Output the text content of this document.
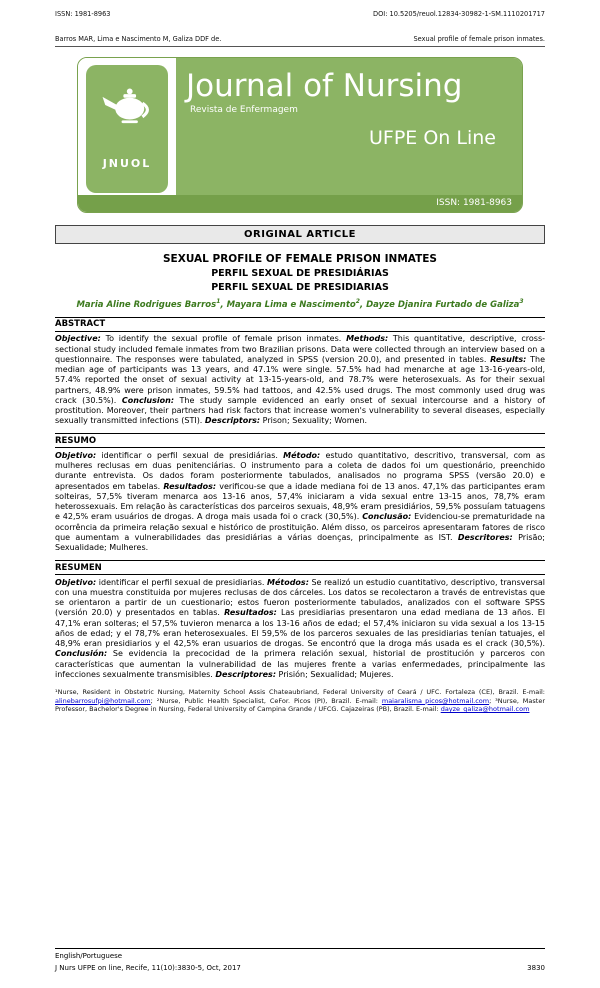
ISSN: 1981-8963	DOI: 10.5205/reuol.12834-30982-1-SM.1110201717
Barros MAR, Lima e Nascimento M, Galiza DDF de.	Sexual profile of female prison inmates.
JNUOL
Journal of Nursing
Revista de Enfermagem
UFPE On Line
ISSN: 1981-8963
ORIGINAL ARTICLE
SEXUAL PROFILE OF FEMALE PRISON INMATES
PERFIL SEXUAL DE PRESIDIÁRIAS
PERFIL SEXUAL DE PRESIDIARIAS
Maria Aline Rodrigues Barros$^1$, Mayara Lima e Nascimento$^2$, Dayze Djanira Furtado de Galiza$^3$
ABSTRACT
Objective: To identify the sexual profile of female prison inmates. Methods: This quantitative, descriptive, cross-sectional study included female inmates from two Brazilian prisons. Data were collected through an interview based on a questionnaire. The responses were tabulated, analyzed in SPSS (version 20.0), and presented in tables. Results: The median age of participants was 13 years, and 47.1% were single. 57.5% had had menarche at age 13-16-years-old, 57.4% reported the onset of sexual activity at 13-15-years-old, and 78.7% were heterosexuals. As for their sexual partners, 48.9% were prison inmates, 59.5% had tattoos, and 42.5% used drugs. The most commonly used drug was crack (30.5%). Conclusion: The study sample evidenced an early onset of sexual intercourse and a history of prostitution. Moreover, their partners had risk factors that increase women's vulnerability to several diseases, especially sexually transmitted infections (STI). Descriptors: Prison; Sexuality; Women.
RESUMO
Objetivo: identificar o perfil sexual de presidiárias. Método: estudo quantitativo, descritivo, transversal, com as mulheres reclusas em duas penitenciárias. O instrumento para a coleta de dados foi um questionário, preenchido durante entrevista. Os dados foram posteriormente tabulados, analisados no programa SPSS (versão 20.0) e apresentados em tabelas. Resultados: verificou-se que a idade mediana foi de 13 anos. 47,1% das participantes eram solteiras, 57,5% tiveram menarca aos 13-16 anos, 57,4% iniciaram a vida sexual entre 13-15 anos, 78,7% eram heterossexuais. Em relação às características dos parceiros sexuais, 48,9% eram presidiários, 59,5% possuíam tatuagens e 42,5% eram usuários de drogas. A droga mais usada foi o crack (30,5%). Conclusão: Evidenciou-se prematuridade na ocorrência da primeira relação sexual e histórico de prostituição. Além disso, os parceiros apresentaram fatores de risco que aumentam a vulnerabilidades das presidiárias a várias doenças, principalmente as IST. Descritores: Prisão; Sexualidade; Mulheres.
RESUMEN
Objetivo: identificar el perfil sexual de presidiarias. Métodos: Se realizó un estudio cuantitativo, descriptivo, transversal con una muestra constituida por mujeres reclusas de dos cárceles. Los datos se recolectaron a través de entrevistas que se orientaron a partir de un cuestionario; estos fueron posteriormente tabulados, analizados con el software SPSS (versión 20.0) y presentados en tablas. Resultados: Las presidiarias presentaron una edad mediana de 13 años. El 47,1% eran solteras; el 57,5% tuvieron menarca a los 13-16 años de edad; el 57,4% iniciaron su vida sexual a los 13-15 años de edad; y el 78,7% eran heterosexuales. El 59,5% de los parceros sexuales de las presidiarias tenían tatuajes, el 48,9% eran presidiarios y el 42,5% eran usuarios de drogas. Se encontró que la droga más usada es el crack (30,5%). Conclusión: Se evidencia la precocidad de la primera relación sexual, historial de prostitución y parceros con características que aumentan la vulnerabilidad de las mujeres frente a varias enfermedades, principalmente las infecciones sexualmente transmisibles. Descriptores: Prisión; Sexualidad; Mujeres.
¹Nurse, Resident in Obstetric Nursing, Maternity School Assis Chateaubriand, Federal University of Ceará / UFC. Fortaleza (CE), Brazil. E-mail: alinebarrosufpi@hotmail.com; ²Nurse, Public Health Specialist, CeFor. Picos (PI), Brazil. E-mail: maiaralisma_picos@hotmail.com; ³Nurse, Master Professor, Bachelor's Degree in Nursing, Federal University of Campina Grande / UFCG. Cajazeiras (PB), Brazil. E-mail: dayze_galiza@hotmail.com
English/Portuguese
J Nurs UFPE on line, Recife, 11(10):3830-5, Oct, 2017	3830
